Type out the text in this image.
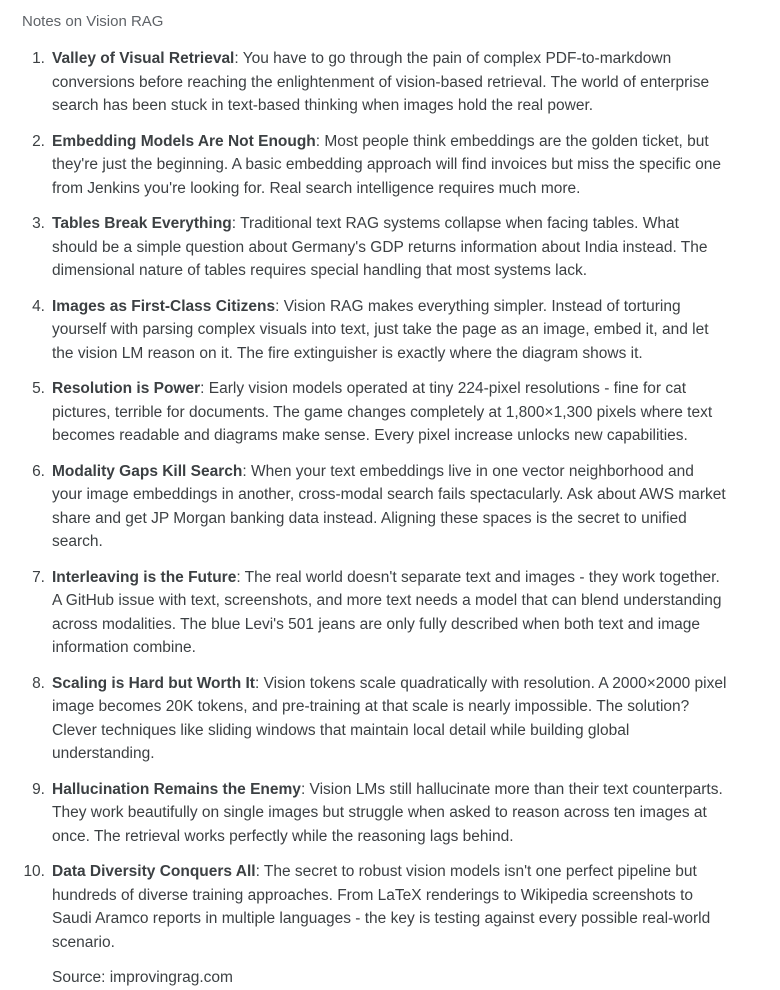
Notes on Vision RAG

1. Valley of Visual Retrieval: You have to go through the pain of complex PDF-to-markdown conversions before reaching the enlightenment of vision-based retrieval. The world of enterprise search has been stuck in text-based thinking when images hold the real power.

2. Embedding Models Are Not Enough: Most people think embeddings are the golden ticket, but they're just the beginning. A basic embedding approach will find invoices but miss the specific one from Jenkins you're looking for. Real search intelligence requires much more.

3. Tables Break Everything: Traditional text RAG systems collapse when facing tables. What should be a simple question about Germany's GDP returns information about India instead. The dimensional nature of tables requires special handling that most systems lack.

4. Images as First-Class Citizens: Vision RAG makes everything simpler. Instead of torturing yourself with parsing complex visuals into text, just take the page as an image, embed it, and let the vision LM reason on it. The fire extinguisher is exactly where the diagram shows it.

5. Resolution is Power: Early vision models operated at tiny 224-pixel resolutions - fine for cat pictures, terrible for documents. The game changes completely at 1,800×1,300 pixels where text becomes readable and diagrams make sense. Every pixel increase unlocks new capabilities.

6. Modality Gaps Kill Search: When your text embeddings live in one vector neighborhood and your image embeddings in another, cross-modal search fails spectacularly. Ask about AWS market share and get JP Morgan banking data instead. Aligning these spaces is the secret to unified search.

7. Interleaving is the Future: The real world doesn't separate text and images - they work together. A GitHub issue with text, screenshots, and more text needs a model that can blend understanding across modalities. The blue Levi's 501 jeans are only fully described when both text and image information combine.

8. Scaling is Hard but Worth It: Vision tokens scale quadratically with resolution. A 2000×2000 pixel image becomes 20K tokens, and pre-training at that scale is nearly impossible. The solution? Clever techniques like sliding windows that maintain local detail while building global understanding.

9. Hallucination Remains the Enemy: Vision LMs still hallucinate more than their text counterparts. They work beautifully on single images but struggle when asked to reason across ten images at once. The retrieval works perfectly while the reasoning lags behind.

10. Data Diversity Conquers All: The secret to robust vision models isn't one perfect pipeline but hundreds of diverse training approaches. From LaTeX renderings to Wikipedia screenshots to Saudi Aramco reports in multiple languages - the key is testing against every possible real-world scenario.

Source: improvingrag.com
